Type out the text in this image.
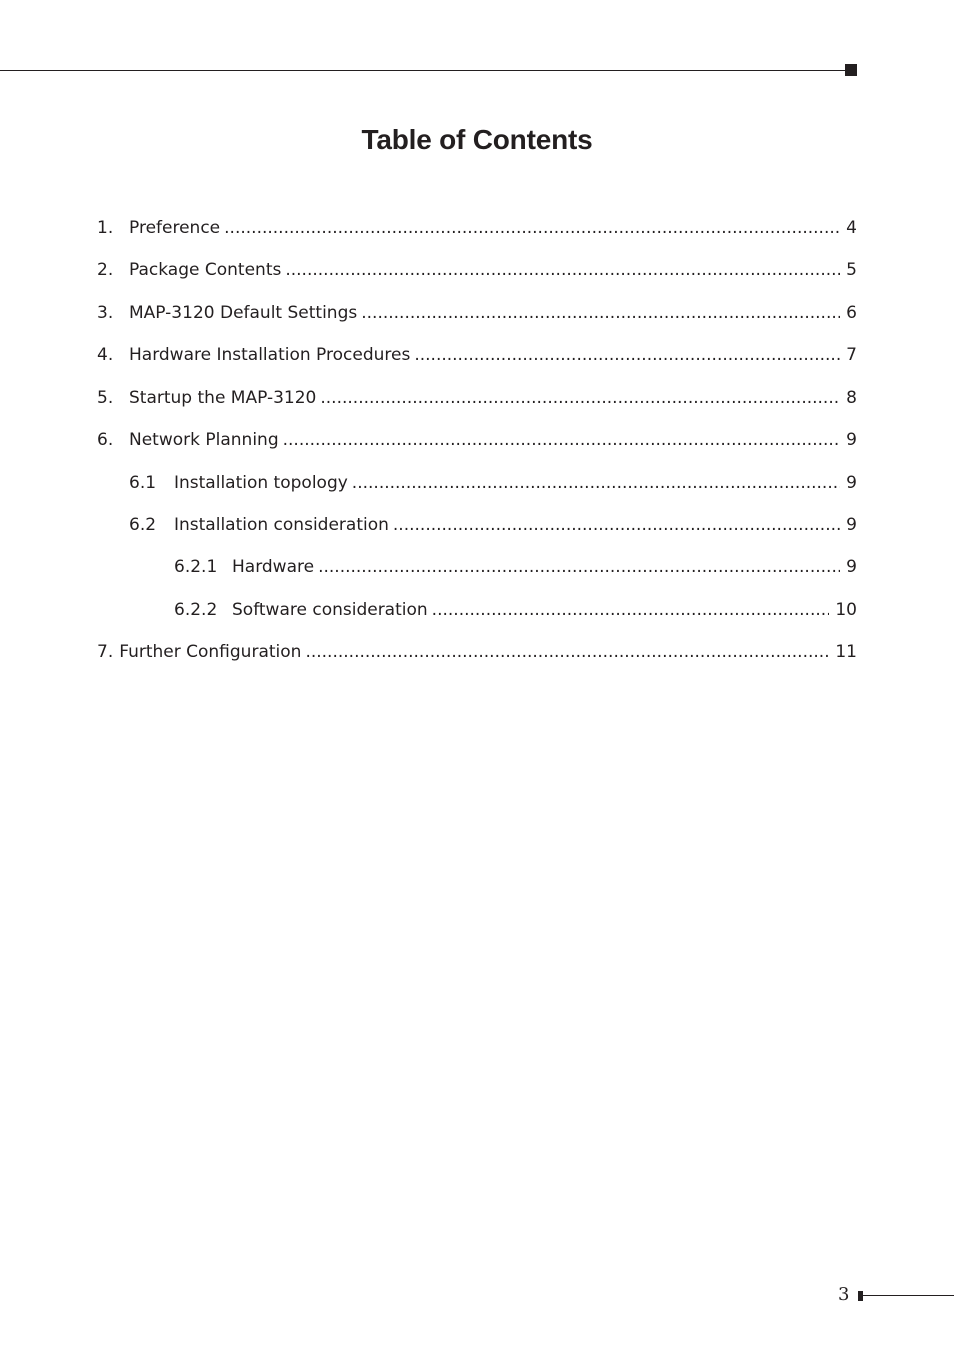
Table of Contents
1. Preference .....	4
2. Package Contents .....	5
3. MAP-3120 Default Settings .....	6
4. Hardware Installation Procedures .....	7
5. Startup the MAP-3120 .....	8
6. Network Planning .....	9
6.1	Installation topology .....	9
6.2	Installation consideration .....	9
6.2.1 Hardware .....	9
6.2.2 Software consideration .....	10
7. Further Configuration .....	11
3
